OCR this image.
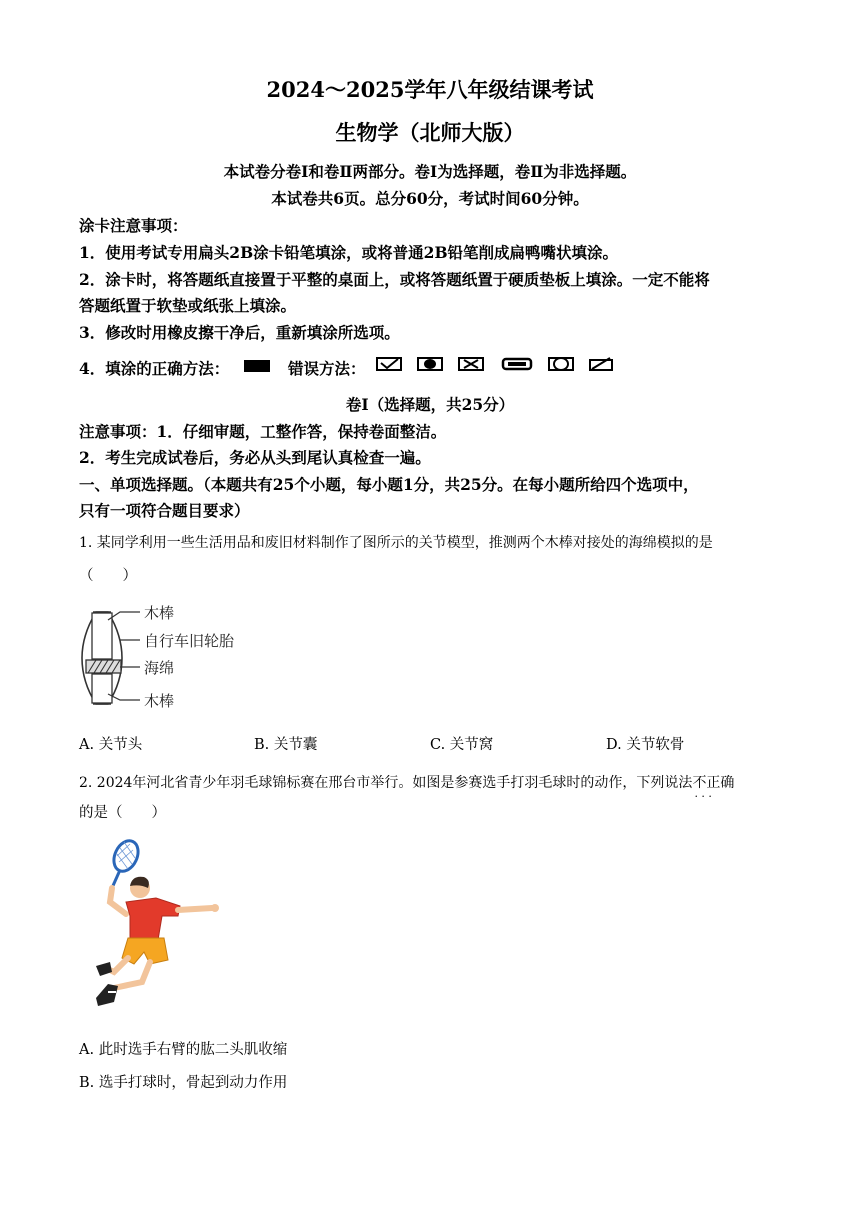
2024～2025学年八年级结课考试
生物学（北师大版）
本试卷分卷Ⅰ和卷Ⅱ两部分。卷Ⅰ为选择题，卷Ⅱ为非选择题。
本试卷共6页。总分60分，考试时间60分钟。
涂卡注意事项：
1．使用考试专用扁头2B涂卡铅笔填涂，或将普通2B铅笔削成扁鸭嘴状填涂。
2．涂卡时，将答题纸直接置于平整的桌面上，或将答题纸置于硬质垫板上填涂。一定不能将
答题纸置于软垫或纸张上填涂。
3．修改时用橡皮擦干净后，重新填涂所选项。
4．填涂的正确方法：	错误方法：
卷Ⅰ（选择题，共25分）
注意事项：1．仔细审题，工整作答，保持卷面整洁。
2．考生完成试卷后，务必从头到尾认真检查一遍。
一、单项选择题。（本题共有25个小题，每小题1分，共25分。在每小题所给四个选项中，
只有一项符合题目要求）
1. 某同学利用一些生活用品和废旧材料制作了图所示的关节模型，推测两个木棒对接处的海绵模拟的是
（　　）
木棒
自行车旧轮胎
海绵
木棒
A. 关节头	B. 关节囊	C. 关节窝	D. 关节软骨
2. 2024年河北省青少年羽毛球锦标赛在邢台市举行。如图是参赛选手打羽毛球时的动作，下列说法不正确 · · ·
的是（　　）
A. 此时选手右臂的肱二头肌收缩
B. 选手打球时，骨起到动力作用
